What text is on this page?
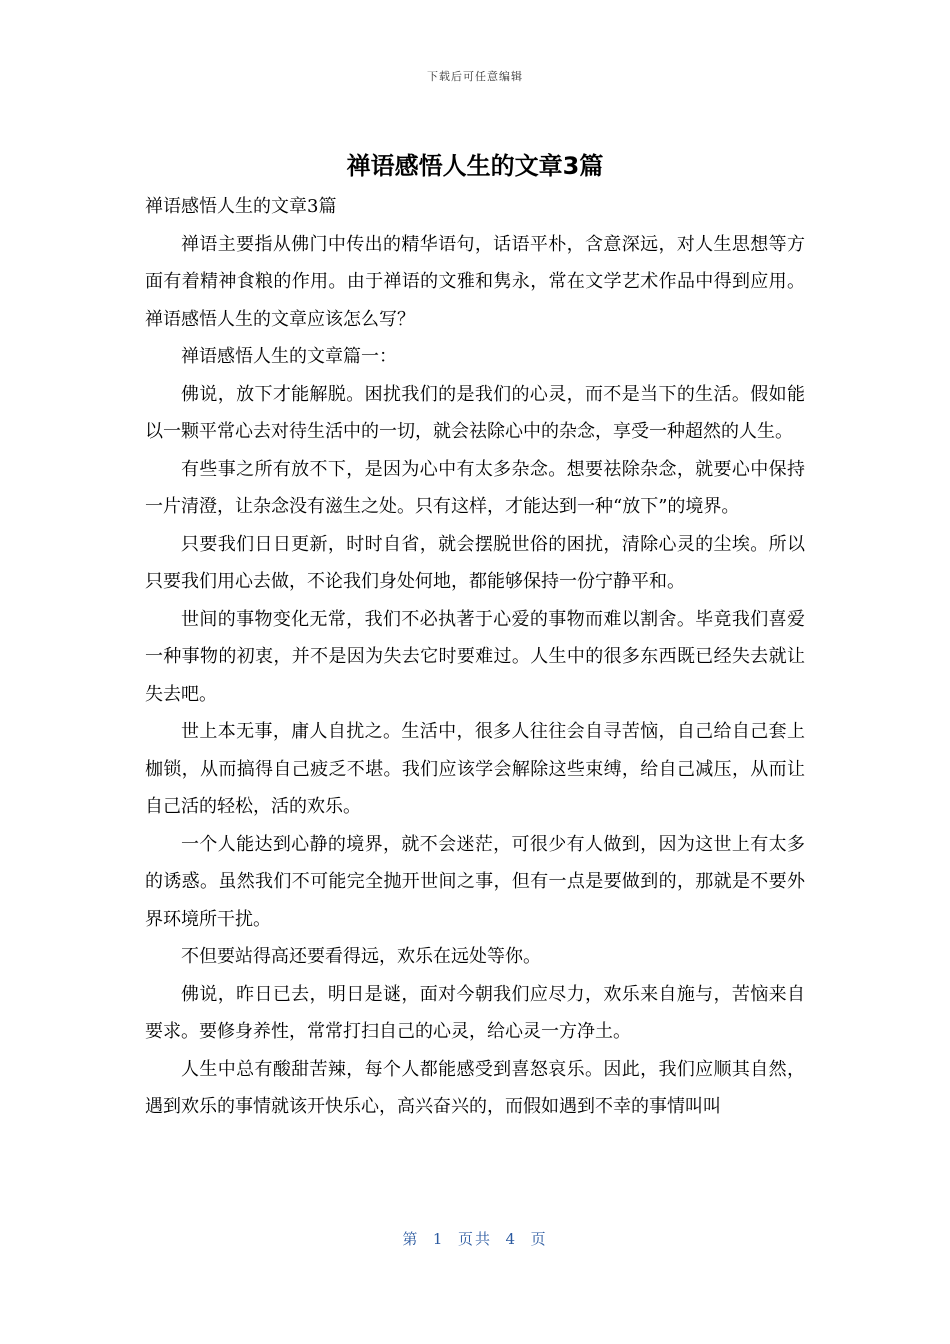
下载后可任意编辑
禅语感悟人生的文章3篇

禅语感悟人生的文章3篇

禅语主要指从佛门中传出的精华语句，话语平朴，含意深远，对人生思想等方面有着精神食粮的作用。由于禅语的文雅和隽永，常在文学艺术作品中得到应用。禅语感悟人生的文章应该怎么写？

禅语感悟人生的文章篇一：

佛说，放下才能解脱。困扰我们的是我们的心灵，而不是当下的生活。假如能以一颗平常心去对待生活中的一切，就会祛除心中的杂念，享受一种超然的人生。

有些事之所有放不下，是因为心中有太多杂念。想要祛除杂念，就要心中保持一片清澄，让杂念没有滋生之处。只有这样，才能达到一种“放下”的境界。

只要我们日日更新，时时自省，就会摆脱世俗的困扰，清除心灵的尘埃。所以只要我们用心去做，不论我们身处何地，都能够保持一份宁静平和。

世间的事物变化无常，我们不必执著于心爱的事物而难以割舍。毕竟我们喜爱一种事物的初衷，并不是因为失去它时要难过。人生中的很多东西既已经失去就让失去吧。

世上本无事，庸人自扰之。生活中，很多人往往会自寻苦恼，自己给自己套上枷锁，从而搞得自己疲乏不堪。我们应该学会解除这些束缚，给自己减压，从而让自己活的轻松，活的欢乐。

一个人能达到心静的境界，就不会迷茫，可很少有人做到，因为这世上有太多的诱惑。虽然我们不可能完全抛开世间之事，但有一点是要做到的，那就是不要外界环境所干扰。

不但要站得高还要看得远，欢乐在远处等你。

佛说，昨日已去，明日是谜，面对今朝我们应尽力，欢乐来自施与，苦恼来自要求。要修身养性，常常打扫自己的心灵，给心灵一方净土。

人生中总有酸甜苦辣，每个人都能感受到喜怒哀乐。因此，我们应顺其自然，遇到欢乐的事情就该开快乐心，高兴奋兴的，而假如遇到不幸的事情叫叫

第  1  页共  4  页
